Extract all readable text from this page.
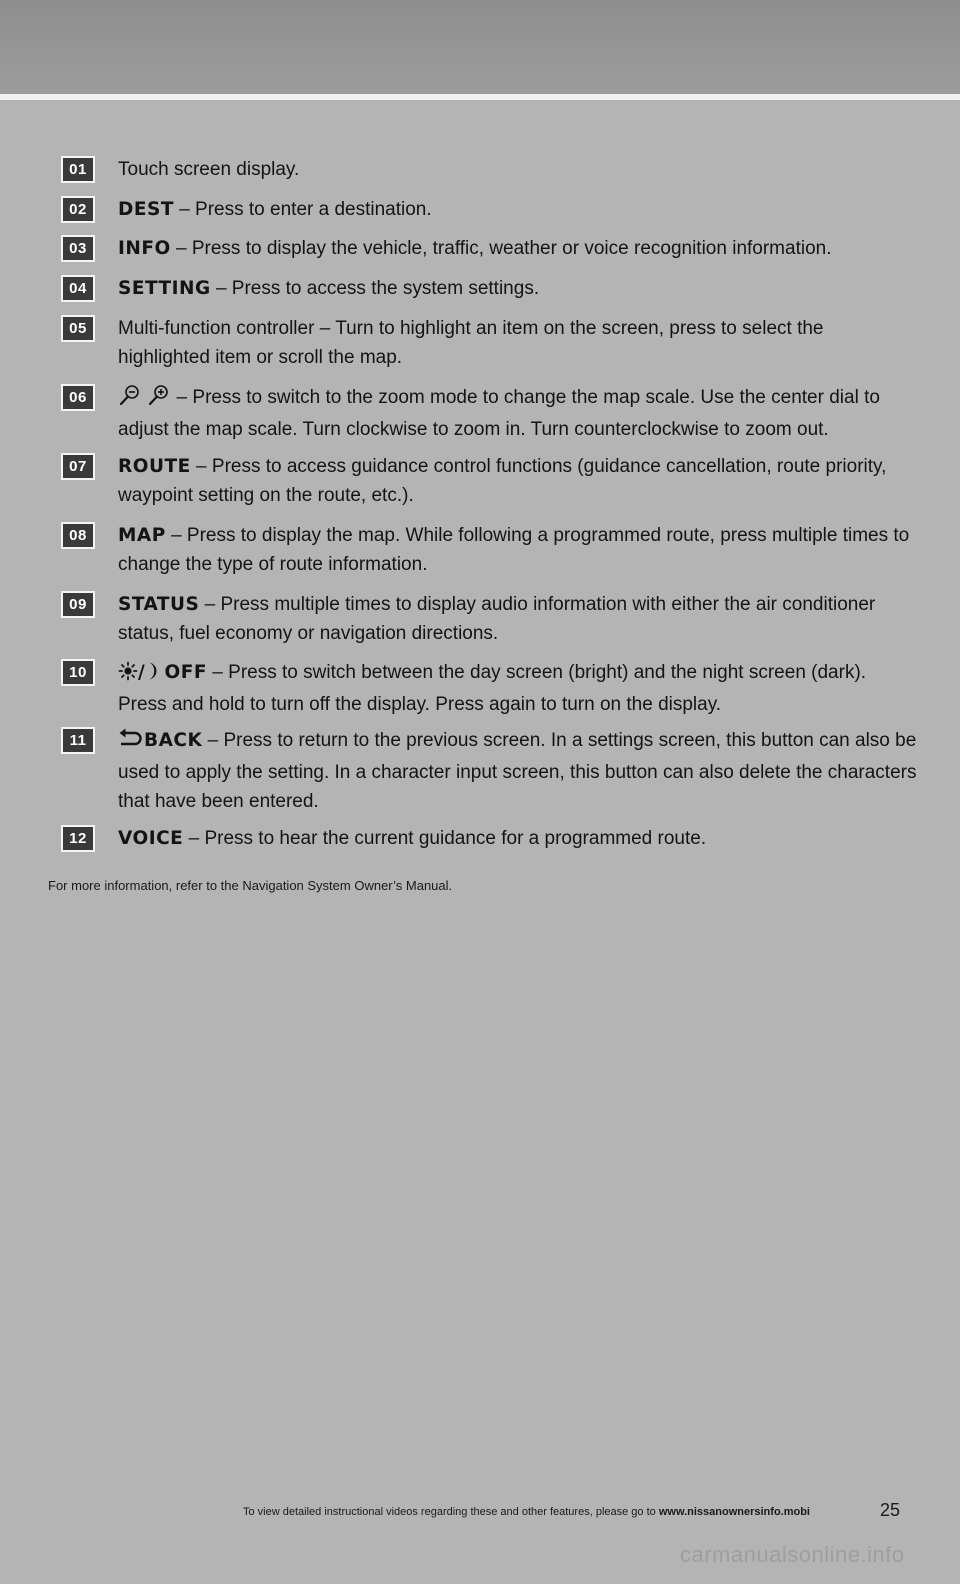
01	Touch screen display.
02	DEST – Press to enter a destination.
03	INFO – Press to display the vehicle, traffic, weather or voice recognition information.
04	SETTING – Press to access the system settings.
05	Multi-function controller – Turn to highlight an item on the screen, press to select the highlighted item or scroll the map.
06	– Press to switch to the zoom mode to change the map scale. Use the center dial to adjust the map scale. Turn clockwise to zoom in. Turn counterclockwise to zoom out.
07	ROUTE – Press to access guidance control functions (guidance cancellation, route priority, waypoint setting on the route, etc.).
08	MAP – Press to display the map. While following a programmed route, press multiple times to change the type of route information.
09	STATUS – Press multiple times to display audio information with either the air conditioner status, fuel economy or navigation directions.
10	/ OFF – Press to switch between the day screen (bright) and the night screen (dark). Press and hold to turn off the display. Press again to turn on the display.
11	BACK – Press to return to the previous screen. In a settings screen, this button can also be used to apply the setting. In a character input screen, this button can also delete the characters that have been entered.
12	VOICE – Press to hear the current guidance for a programmed route.
For more information, refer to the Navigation System Owner’s Manual.
To view detailed instructional videos regarding these and other features, please go to www.nissanownersinfo.mobi	25
carmanualsonline.info
